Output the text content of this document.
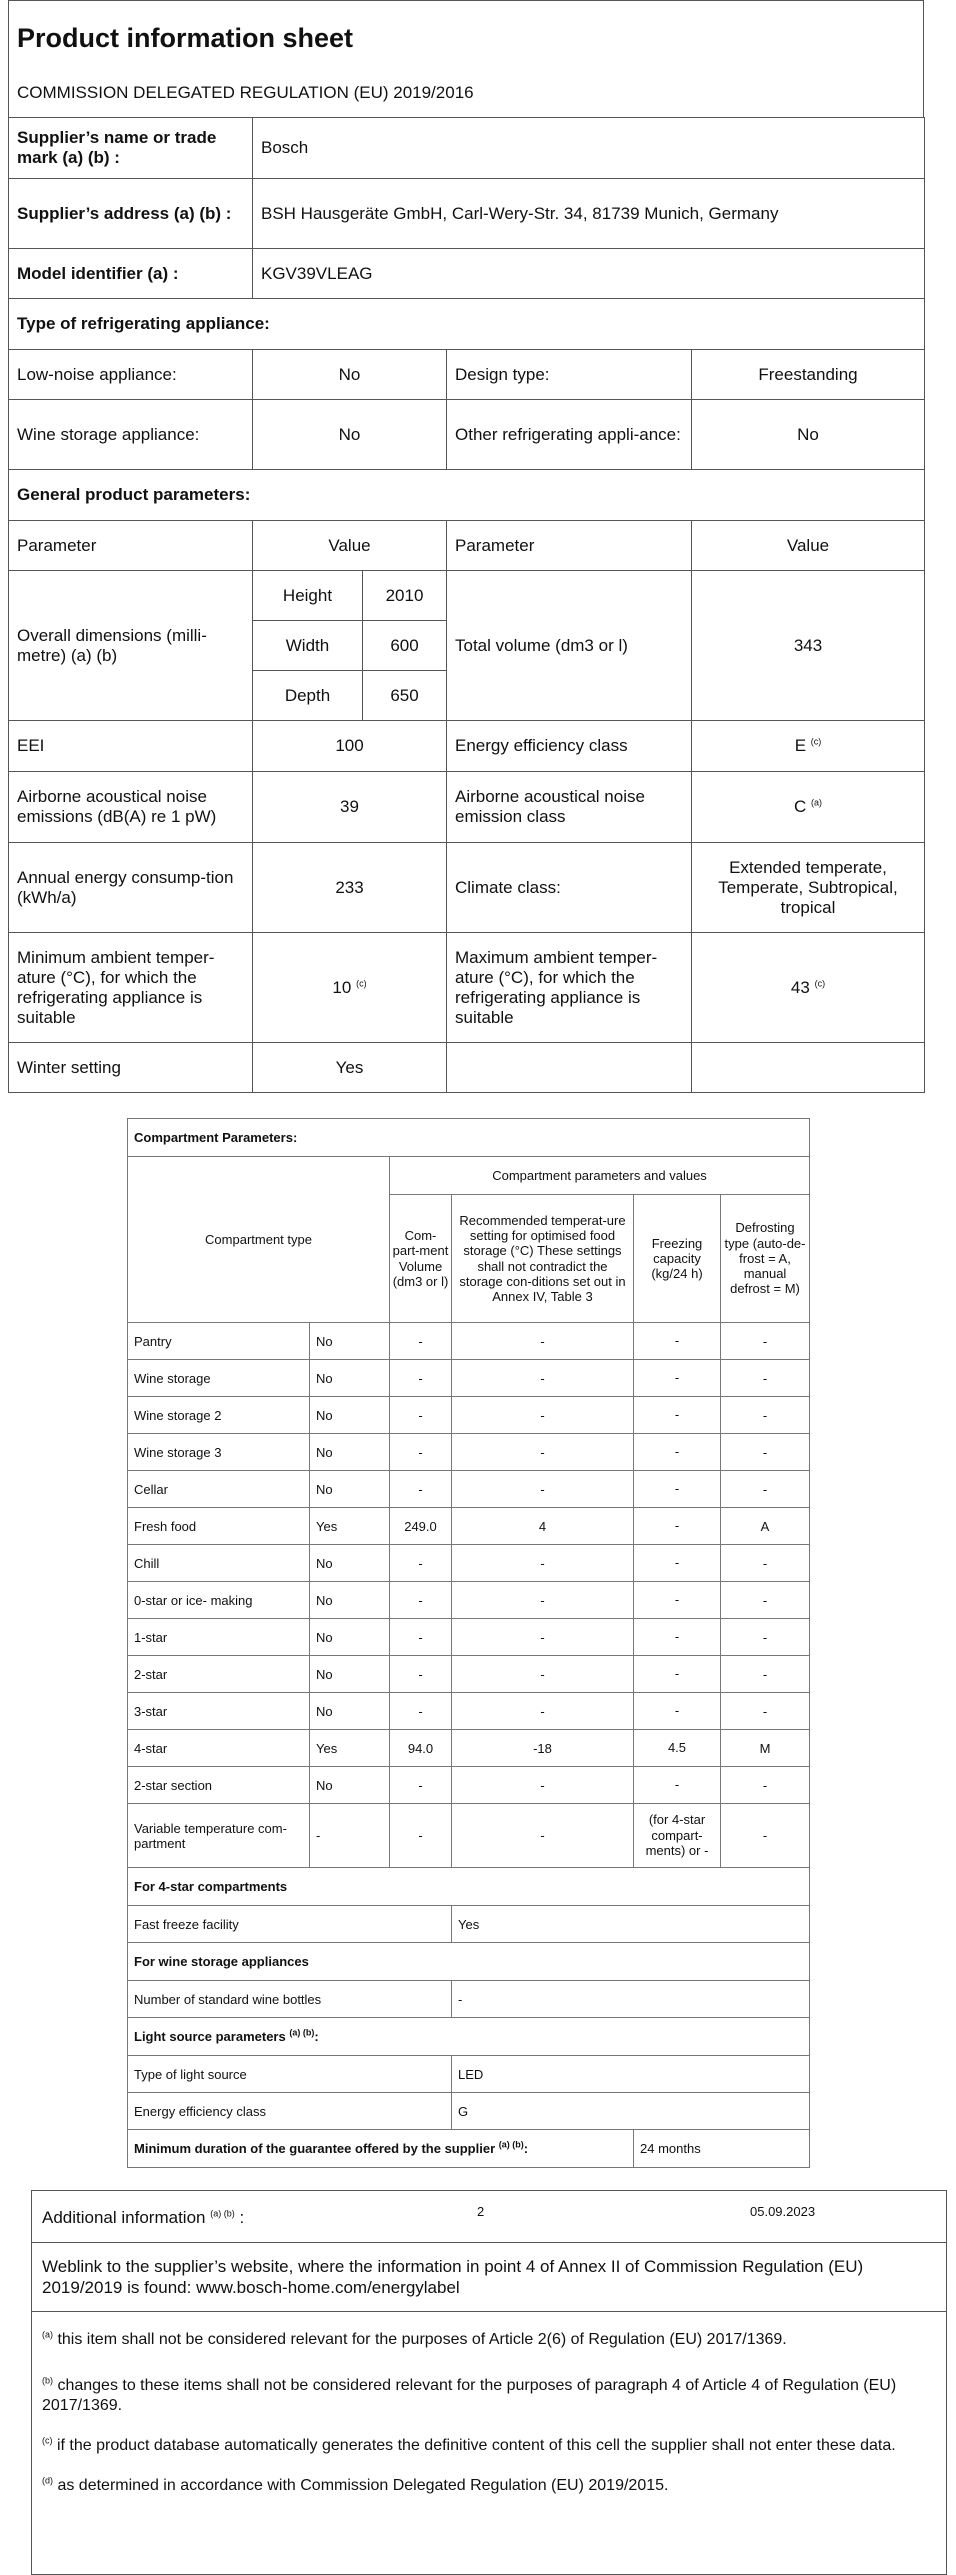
Product information sheet
COMMISSION DELEGATED REGULATION (EU) 2019/2016
Supplier’s name or trade mark (a) (b) :	Bosch			
Supplier’s address (a) (b) :	BSH Hausgeräte GmbH, Carl-Wery-Str. 34, 81739 Munich, Germany			
Model identifier (a) :	KGV39VLEAG			
Type of refrigerating appliance:				
Low-noise appliance:	No		Design type:	Freestanding
Wine storage appliance:	No		Other refrigerating appli-ance:	No
General product parameters:				
Parameter	Value		Parameter	Value
Overall dimensions (milli-metre) (a) (b)	Height	2010	Total volume (dm3 or l)	343
	Width	600		
	Depth	650		
EEI	100		Energy efficiency class	E $^{(c)}$
Airborne acoustical noise emissions (dB(A) re 1 pW)	39		Airborne acoustical noise emission class	C $^{(a)}$
Annual energy consump-tion (kWh/a)	233		Climate class:	Extended temperate, Temperate, Subtropical, tropical
Minimum ambient temper-ature (°C), for which the refrigerating appliance is suitable	10 $^{(c)}$		Maximum ambient temper-ature (°C), for which the refrigerating appliance is suitable	43 $^{(c)}$
Winter setting	Yes			
Compartment Parameters:					
Compartment type		Compartment parameters and values			
		Com-part-ment Volume (dm3 or l)	Recommended temperat-ure setting for optimised food storage (°C) These settings shall not contradict the storage con-ditions set out in Annex IV, Table 3	Freezing capacity (kg/24 h)	Defrosting type (auto-de-frost = A, manual defrost = M)
Pantry	No	-	-	-	-
Wine storage	No	-	-	-	-
Wine storage 2	No	-	-	-	-
Wine storage 3	No	-	-	-	-
Cellar	No	-	-	-	-
Fresh food	Yes	249.0	4	-	A
Chill	No	-	-	-	-
0-star or ice- making	No	-	-	-	-
1-star	No	-	-	-	-
2-star	No	-	-	-	-
3-star	No	-	-	-	-
4-star	Yes	94.0	-18	4.5	M
2-star section	No	-	-	-	-
Variable temperature com-partment	-	-	-	(for 4-star compart-ments) or -	-
For 4-star compartments					
Fast freeze facility			Yes		
For wine storage appliances					
Number of standard wine bottles			-		
Light source parameters $^{(a) (b)}$:					
Type of light source			LED		
Energy efficiency class			G		
Minimum duration of the guarantee offered by the supplier $^{(a) (b)}$:				24 months	
Additional information $^{(a) (b)}$ :	2	05.09.2023

Weblink to the supplier’s website, where the information in point 4 of Annex II of Commission Regulation (EU) 2019/2019 is found: www.bosch-home.com/energylabel

$^{(a)}$ this item shall not be considered relevant for the purposes of Article 2(6) of Regulation (EU) 2017/1369.
$^{(b)}$ changes to these items shall not be considered relevant for the purposes of paragraph 4 of Article 4 of Regulation (EU) 2017/1369.
$^{(c)}$ if the product database automatically generates the definitive content of this cell the supplier shall not enter these data.
$^{(d)}$ as determined in accordance with Commission Delegated Regulation (EU) 2019/2015.
